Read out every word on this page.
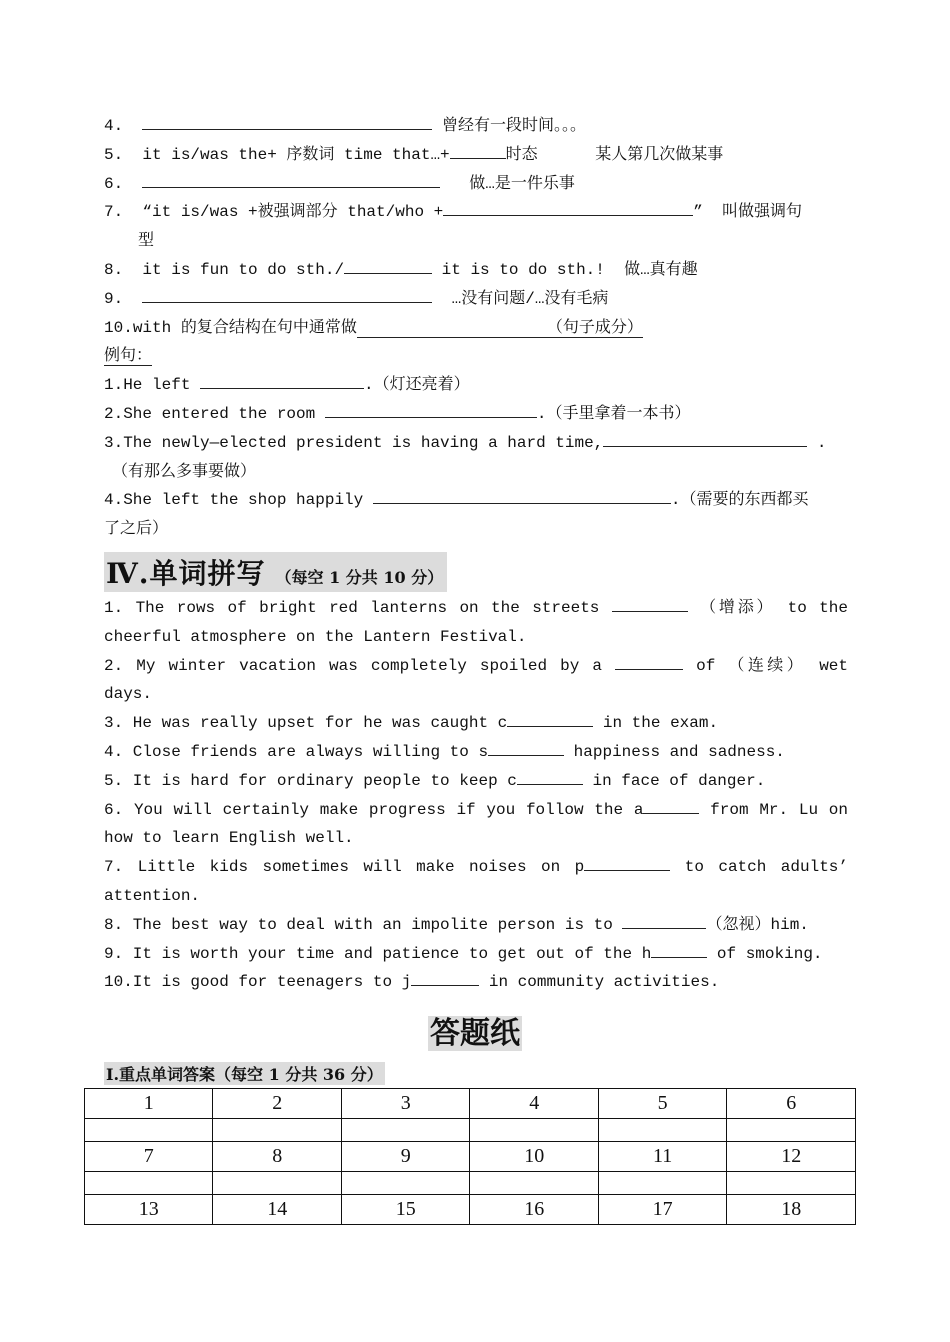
4.	曾经有一段时间。。。
5. it is/was the+ 序数词 time that…+	时态      某人第几次做某事
6.	做…是一件乐事
7. “it is/was +被强调部分 that/who +	”  叫做强调句
型
8. it is fun to do sth./	it is to do sth.!  做…真有趣
9.	…没有问题/…没有毛病
10.with 的复合结构在句中通常做	（句子成分）
例句：
1.He left	.（灯还亮着）
2.She entered the room	.（手里拿着一本书）
3.The newly—elected president is having a hard time,	.
（有那么多事要做）
4.She left the shop happily	.（需要的东西都买
了之后）
Ⅳ.单词拼写 （每空 1 分共 10 分）
1. The rows of bright red lanterns on the streets	（增添） to the cheerful atmosphere on the Lantern Festival.
2. My winter vacation was completely spoiled by a	of （连续） wet days.
3. He was really upset for he was caught c	in the exam.
4. Close friends are always willing to s	happiness and sadness.
5. It is hard for ordinary people to keep c	in face of danger.
6. You will certainly make progress if you follow the a	from Mr. Lu on how to learn English well.
7. Little kids sometimes will make noises on p	to catch adults’ attention.
8. The best way to deal with an impolite person is to	（忽视）him.
9. It is worth your time and patience to get out of the h	of smoking.
10.It is good for teenagers to j	in community activities.
答题纸
Ⅰ.重点单词答案（每空 1 分共 36 分）
1	2	3	4	5	6

7	8	9	10	11	12

13	14	15	16	17	18
